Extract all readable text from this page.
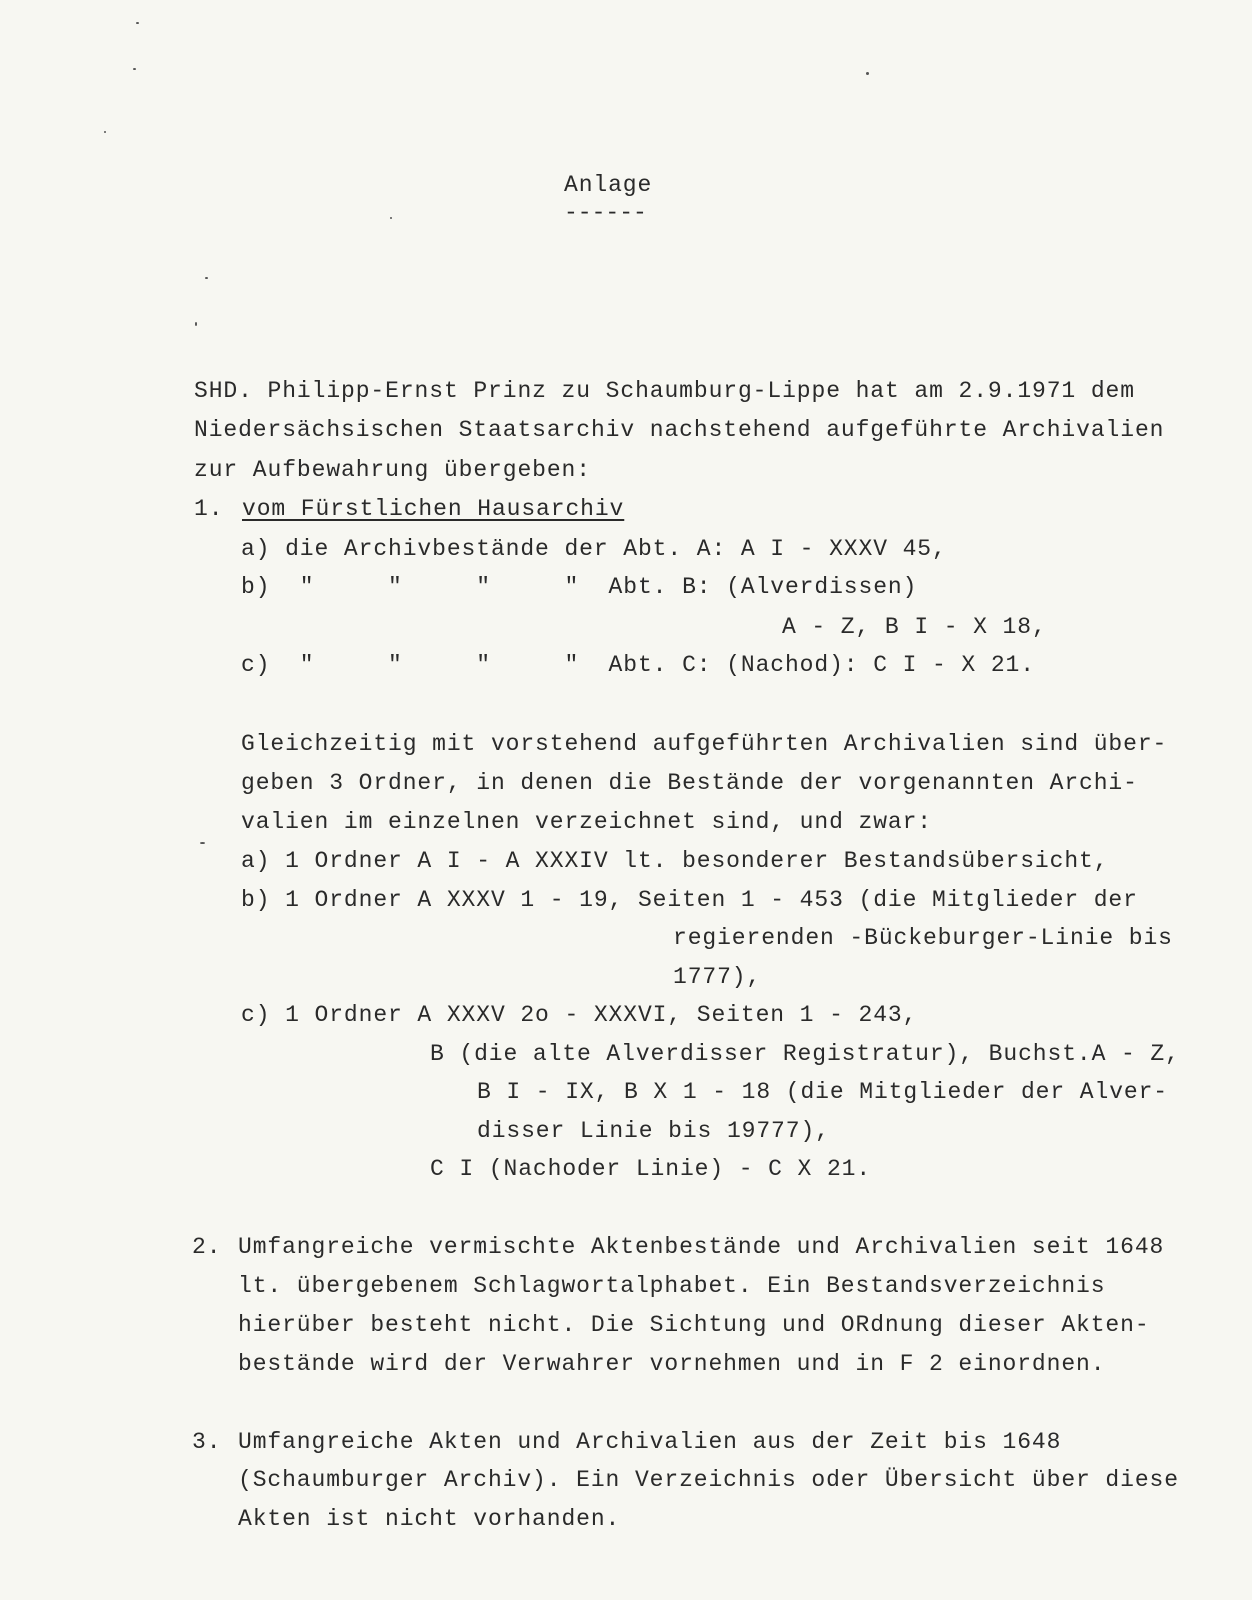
Anlage
------
SHD. Philipp-Ernst Prinz zu Schaumburg-Lippe hat am 2.9.1971 dem
Niedersächsischen Staatsarchiv nachstehend aufgeführte Archivalien
zur Aufbewahrung übergeben:
1. vom Fürstlichen Hausarchiv
a) die Archivbestände der Abt. A: A I - XXXV 45,
b)  "     "     "     "  Abt. B: (Alverdissen)
A - Z, B I - X 18,
c)  "     "     "     "  Abt. C: (Nachod): C I - X 21.
Gleichzeitig mit vorstehend aufgeführten Archivalien sind über-
geben 3 Ordner, in denen die Bestände der vorgenannten Archi-
valien im einzelnen verzeichnet sind, und zwar:
a) 1 Ordner A I - A XXXIV lt. besonderer Bestandsübersicht,
b) 1 Ordner A XXXV 1 - 19, Seiten 1 - 453 (die Mitglieder der
regierenden -Bückeburger-Linie bis
1777),
c) 1 Ordner A XXXV 2o - XXXVI, Seiten 1 - 243,
B (die alte Alverdisser Registratur), Buchst.A - Z,
B I - IX, B X 1 - 18 (die Mitglieder der Alver-
disser Linie bis 19777),
C I (Nachoder Linie) - C X 21.
2. Umfangreiche vermischte Aktenbestände und Archivalien seit 1648
lt. übergebenem Schlagwortalphabet. Ein Bestandsverzeichnis
hierüber besteht nicht. Die Sichtung und ORdnung dieser Akten-
bestände wird der Verwahrer vornehmen und in F 2 einordnen.
3. Umfangreiche Akten und Archivalien aus der Zeit bis 1648
(Schaumburger Archiv). Ein Verzeichnis oder Übersicht über diese
Akten ist nicht vorhanden.
